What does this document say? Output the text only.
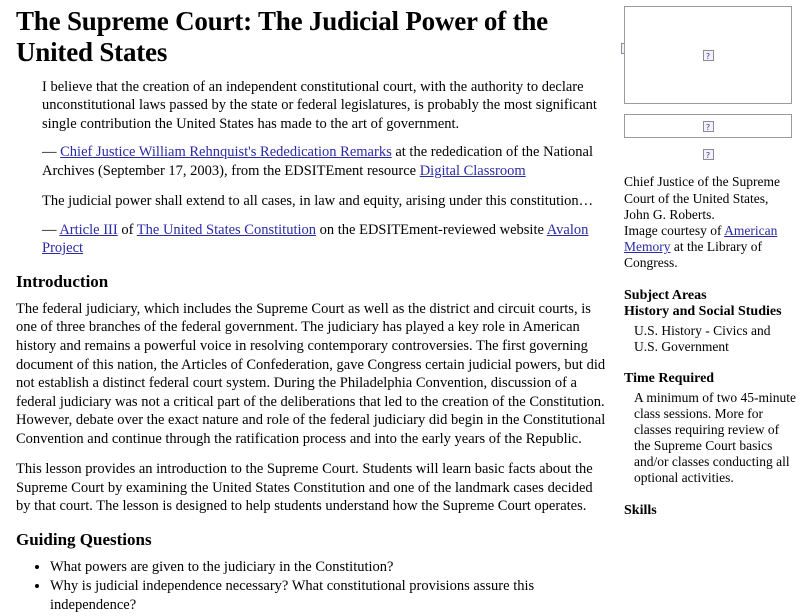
The Supreme Court: The Judicial Power of the United States

I believe that the creation of an independent constitutional court, with the authority to declare unconstitutional laws passed by the state or federal legislatures, is probably the most significant single contribution the United States has made to the art of government.

— Chief Justice William Rehnquist's Rededication Remarks at the rededication of the National Archives (September 17, 2003), from the EDSITEment resource Digital Classroom

The judicial power shall extend to all cases, in law and equity, arising under this constitution…

— Article III of The United States Constitution on the EDSITEment-reviewed website Avalon Project

Introduction

The federal judiciary, which includes the Supreme Court as well as the district and circuit courts, is one of three branches of the federal government. The judiciary has played a key role in American history and remains a powerful voice in resolving contemporary controversies. The first governing document of this nation, the Articles of Confederation, gave Congress certain judicial powers, but did not establish a distinct federal court system. During the Philadelphia Convention, discussion of a federal judiciary was not a critical part of the deliberations that led to the creation of the Constitution. However, debate over the exact nature and role of the federal judiciary did begin in the Constitutional Convention and continue through the ratification process and into the early years of the Republic.

This lesson provides an introduction to the Supreme Court. Students will learn basic facts about the Supreme Court by examining the United States Constitution and one of the landmark cases decided by that court. The lesson is designed to help students understand how the Supreme Court operates.

Guiding Questions
• What powers are given to the judiciary in the Constitution?
• Why is judicial independence necessary? What constitutional provisions assure this independence?
?
?
?
Chief Justice of the Supreme Court of the United States, John G. Roberts.
Image courtesy of American Memory at the Library of Congress.
Subject Areas
History and Social Studies
U.S. History - Civics and U.S. Government
Time Required
A minimum of two 45-minute class sessions. More for classes requiring review of the Supreme Court basics and/or classes conducting all optional activities.
Skills
